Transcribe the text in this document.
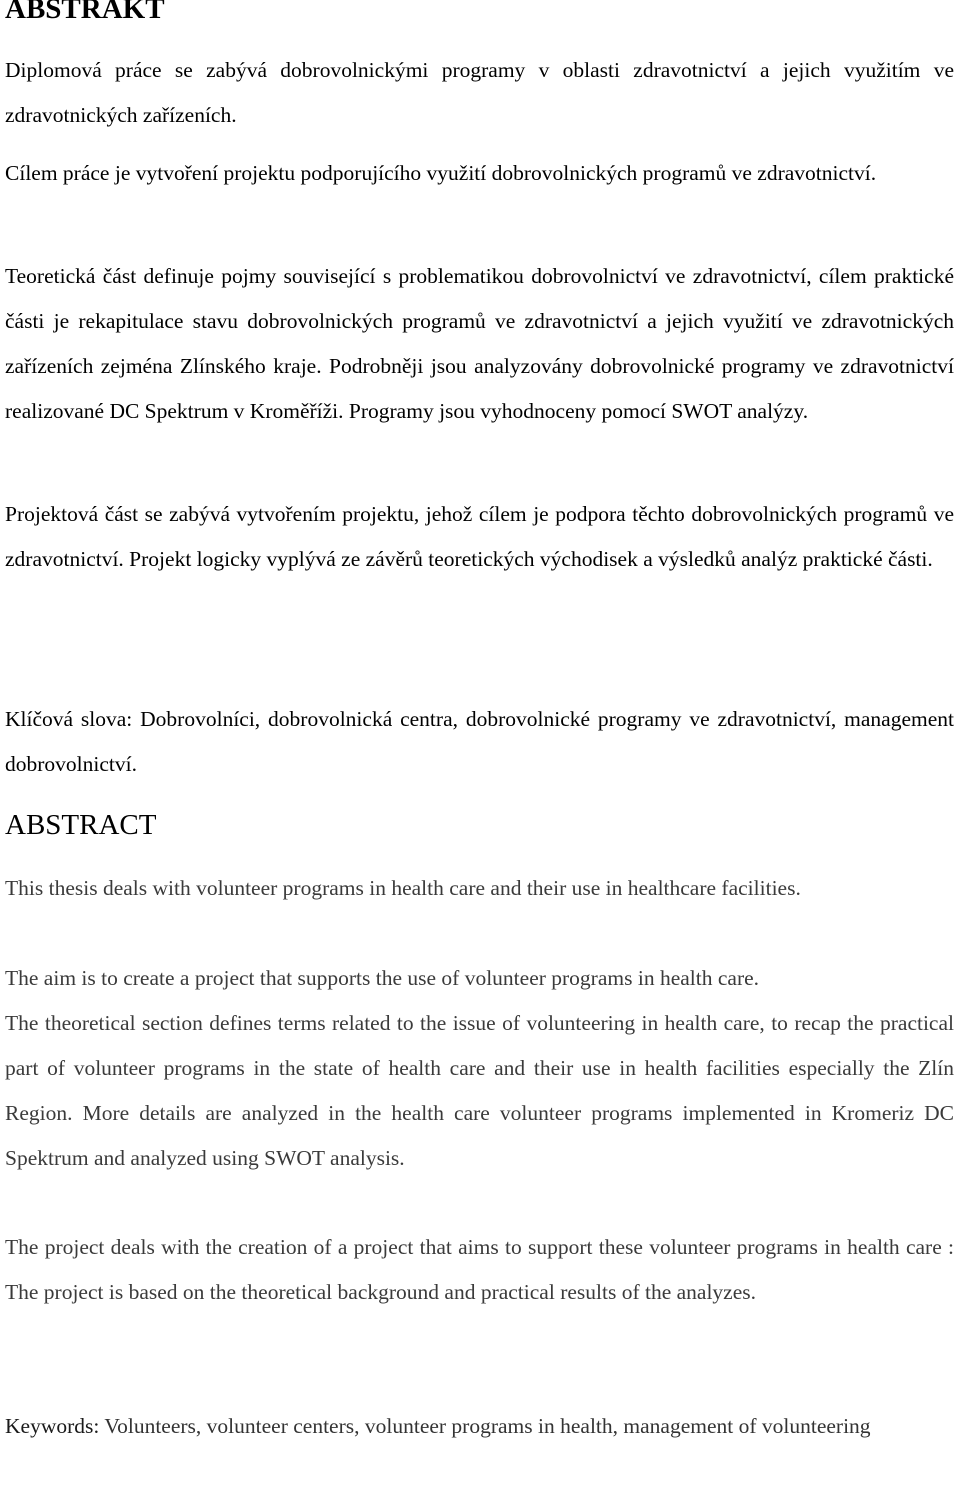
ABSTRAKT

Diplomová práce se zabývá dobrovolnickými programy v oblasti zdravotnictví a jejich využitím ve zdravotnických zařízeních.

Cílem práce je vytvoření projektu podporujícího využití dobrovolnických programů ve zdravotnictví.

Teoretická část definuje pojmy související s problematikou dobrovolnictví ve zdravotnictví, cílem praktické části je rekapitulace stavu dobrovolnických programů ve zdravotnictví a jejich využití ve zdravotnických zařízeních zejména Zlínského kraje. Podrobněji jsou analyzovány dobrovolnické programy ve zdravotnictví realizované DC Spektrum v Kroměříži. Programy jsou vyhodnoceny pomocí SWOT analýzy.

Projektová část se zabývá vytvořením projektu, jehož cílem je podpora těchto dobrovolnických programů ve zdravotnictví. Projekt logicky vyplývá ze závěrů teoretických východisek a výsledků analýz praktické části.

Klíčová slova: Dobrovolníci, dobrovolnická centra, dobrovolnické programy ve zdravotnictví, management dobrovolnictví.

ABSTRACT

This thesis deals with volunteer programs in health care and their use in healthcare facilities.

The aim is to create a project that supports the use of volunteer programs in health care.

The theoretical section defines terms related to the issue of volunteering in health care, to recap the practical part of volunteer programs in the state of health care and their use in health facilities especially the Zlín Region. More details are analyzed in the health care volunteer programs implemented in Kromeriz DC Spektrum and analyzed using SWOT analysis.

The project deals with the creation of a project that aims to support these volunteer programs in health care : The project is based on the theoretical background and practical results of the analyzes.

Keywords: Volunteers, volunteer centers, volunteer programs in health, management of volunteering
